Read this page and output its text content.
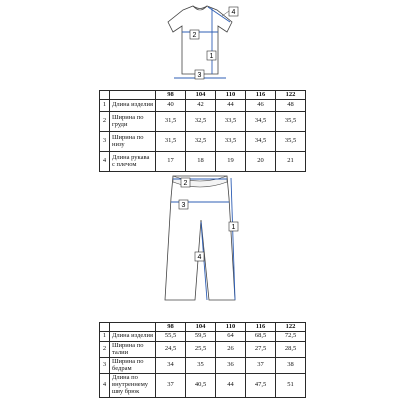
4
2
1
3
		98	104	110	116	122
1	Длина изделия	40	42	44	46	48
2	Ширина по груди	31,5	32,5	33,5	34,5	35,5
3	Ширина по низу	31,5	32,5	33,5	34,5	35,5
4	Длина рукава с плечом	17	18	19	20	21
2
3
1
4
		98	104	110	116	122
1	Длина изделия	55,5	59,5	64	68,5	72,5
2	Ширина по талии	24,5	25,5	26	27,5	28,5
3	Ширина по бедрам	34	35	36	37	38
4	Длина по внутреннему шву брюк	37	40,5	44	47,5	51
